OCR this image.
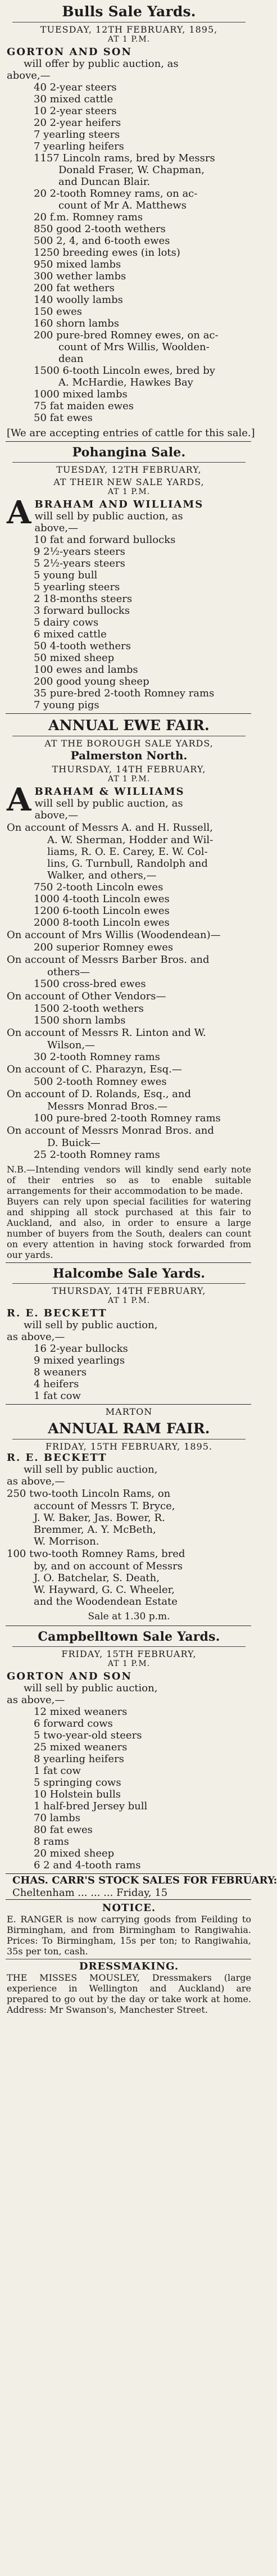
Bulls Sale Yards.
TUESDAY, 12TH FEBRUARY, 1895,
AT 1 P.M.
GORTON AND SON
will offer by public auction, as
above,—
40 2-year steers
30 mixed cattle
10 2-year steers
20 2-year heifers
7 yearling steers
7 yearling heifers
1157 Lincoln rams, bred by Messrs
Donald Fraser, W. Chapman,
and Duncan Blair.
20 2-tooth Romney rams, on ac-
count of Mr A. Matthews
20 f.m. Romney rams
850 good 2-tooth wethers
500 2, 4, and 6-tooth ewes
1250 breeding ewes (in lots)
950 mixed lambs
300 wether lambs
200 fat wethers
140 woolly lambs
150 ewes
160 shorn lambs
200 pure-bred Romney ewes, on ac-
count of Mrs Willis, Woolden-
dean
1500 6-tooth Lincoln ewes, bred by
A. McHardie, Hawkes Bay
1000 mixed lambs
75 fat maiden ewes
50 fat ewes
[We are accepting entries of cattle for this sale.]
Pohangina Sale.
TUESDAY, 12TH FEBRUARY,
AT THEIR NEW SALE YARDS,
AT 1 P.M.
A BRAHAM AND WILLIAMS
will sell by public auction, as
above,—
10 fat and forward bullocks
9 2½-years steers
5 2½-years steers
5 young bull
5 yearling steers
2 18-months steers
3 forward bullocks
5 dairy cows
6 mixed cattle
50 4-tooth wethers
50 mixed sheep
100 ewes and lambs
200 good young sheep
35 pure-bred 2-tooth Romney rams
7 young pigs
ANNUAL EWE FAIR.
AT THE BOROUGH SALE YARDS,
Palmerston North.
THURSDAY, 14TH FEBRUARY,
AT 1 P.M.
A BRAHAM & WILLIAMS
will sell by public auction, as
above,—
On account of Messrs A. and H. Russell,
A. W. Sherman, Hodder and Wil-
liams, R. O. E. Carey, E. W. Col-
lins, G. Turnbull, Randolph and
Walker, and others,—
750 2-tooth Lincoln ewes
1000 4-tooth Lincoln ewes
1200 6-tooth Lincoln ewes
2000 8-tooth Lincoln ewes
On account of Mrs Willis (Woodendean)—
200 superior Romney ewes
On account of Messrs Barber Bros. and
others—
1500 cross-bred ewes
On account of Other Vendors—
1500 2-tooth wethers
1500 shorn lambs
On account of Messrs R. Linton and W.
Wilson,—
30 2-tooth Romney rams
On account of C. Pharazyn, Esq.—
500 2-tooth Romney ewes
On account of D. Rolands, Esq., and
Messrs Monrad Bros.—
100 pure-bred 2-tooth Romney rams
On account of Messrs Monrad Bros. and
D. Buick—
25 2-tooth Romney rams
N.B.—Intending vendors will kindly send early note of their entries so as to enable suitable arrangements for their accommodation to be made.
Buyers can rely upon special facilities for watering and shipping all stock purchased at this fair to Auckland, and also, in order to ensure a large number of buyers from the South, dealers can count on every attention in having stock forwarded from our yards.
Halcombe Sale Yards.
THURSDAY, 14TH FEBRUARY,
AT 1 P.M.
R. E. BECKETT
will sell by public auction,
as above,—
16 2-year bullocks
9 mixed yearlings
8 weaners
4 heifers
1 fat cow
MARTON
ANNUAL RAM FAIR.
FRIDAY, 15TH FEBRUARY, 1895.
R. E. BECKETT
will sell by public auction,
as above,—
250 two-tooth Lincoln Rams, on
account of Messrs T. Bryce,
J. W. Baker, Jas. Bower, R.
Bremmer, A. Y. McBeth,
W. Morrison.
100 two-tooth Romney Rams, bred
by, and on account of Messrs
J. O. Batchelar, S. Death,
W. Hayward, G. C. Wheeler,
and the Woodendean Estate
Sale at 1.30 p.m.
Campbelltown Sale Yards.
FRIDAY, 15TH FEBRUARY,
AT 1 P.M.
GORTON AND SON
will sell by public auction,
as above,—
12 mixed weaners
6 forward cows
5 two-year-old steers
25 mixed weaners
8 yearling heifers
1 fat cow
5 springing cows
10 Holstein bulls
1 half-bred Jersey bull
70 lambs
80 fat ewes
8 rams
20 mixed sheep
6 2 and 4-tooth rams
CHAS. CARR'S STOCK SALES FOR FEBRUARY:
Cheltenham ... ... ... Friday, 15
NOTICE.
E. RANGER is now carrying goods from Feilding to Birmingham, and from Birmingham to Rangiwahia. Prices: To Birmingham, 15s per ton; to Rangiwahia, 35s per ton, cash.
DRESSMAKING.
THE MISSES MOUSLEY, Dressmakers (large experience in Wellington and Auckland) are prepared to go out by the day or take work at home. Address: Mr Swanson's, Manchester Street.
